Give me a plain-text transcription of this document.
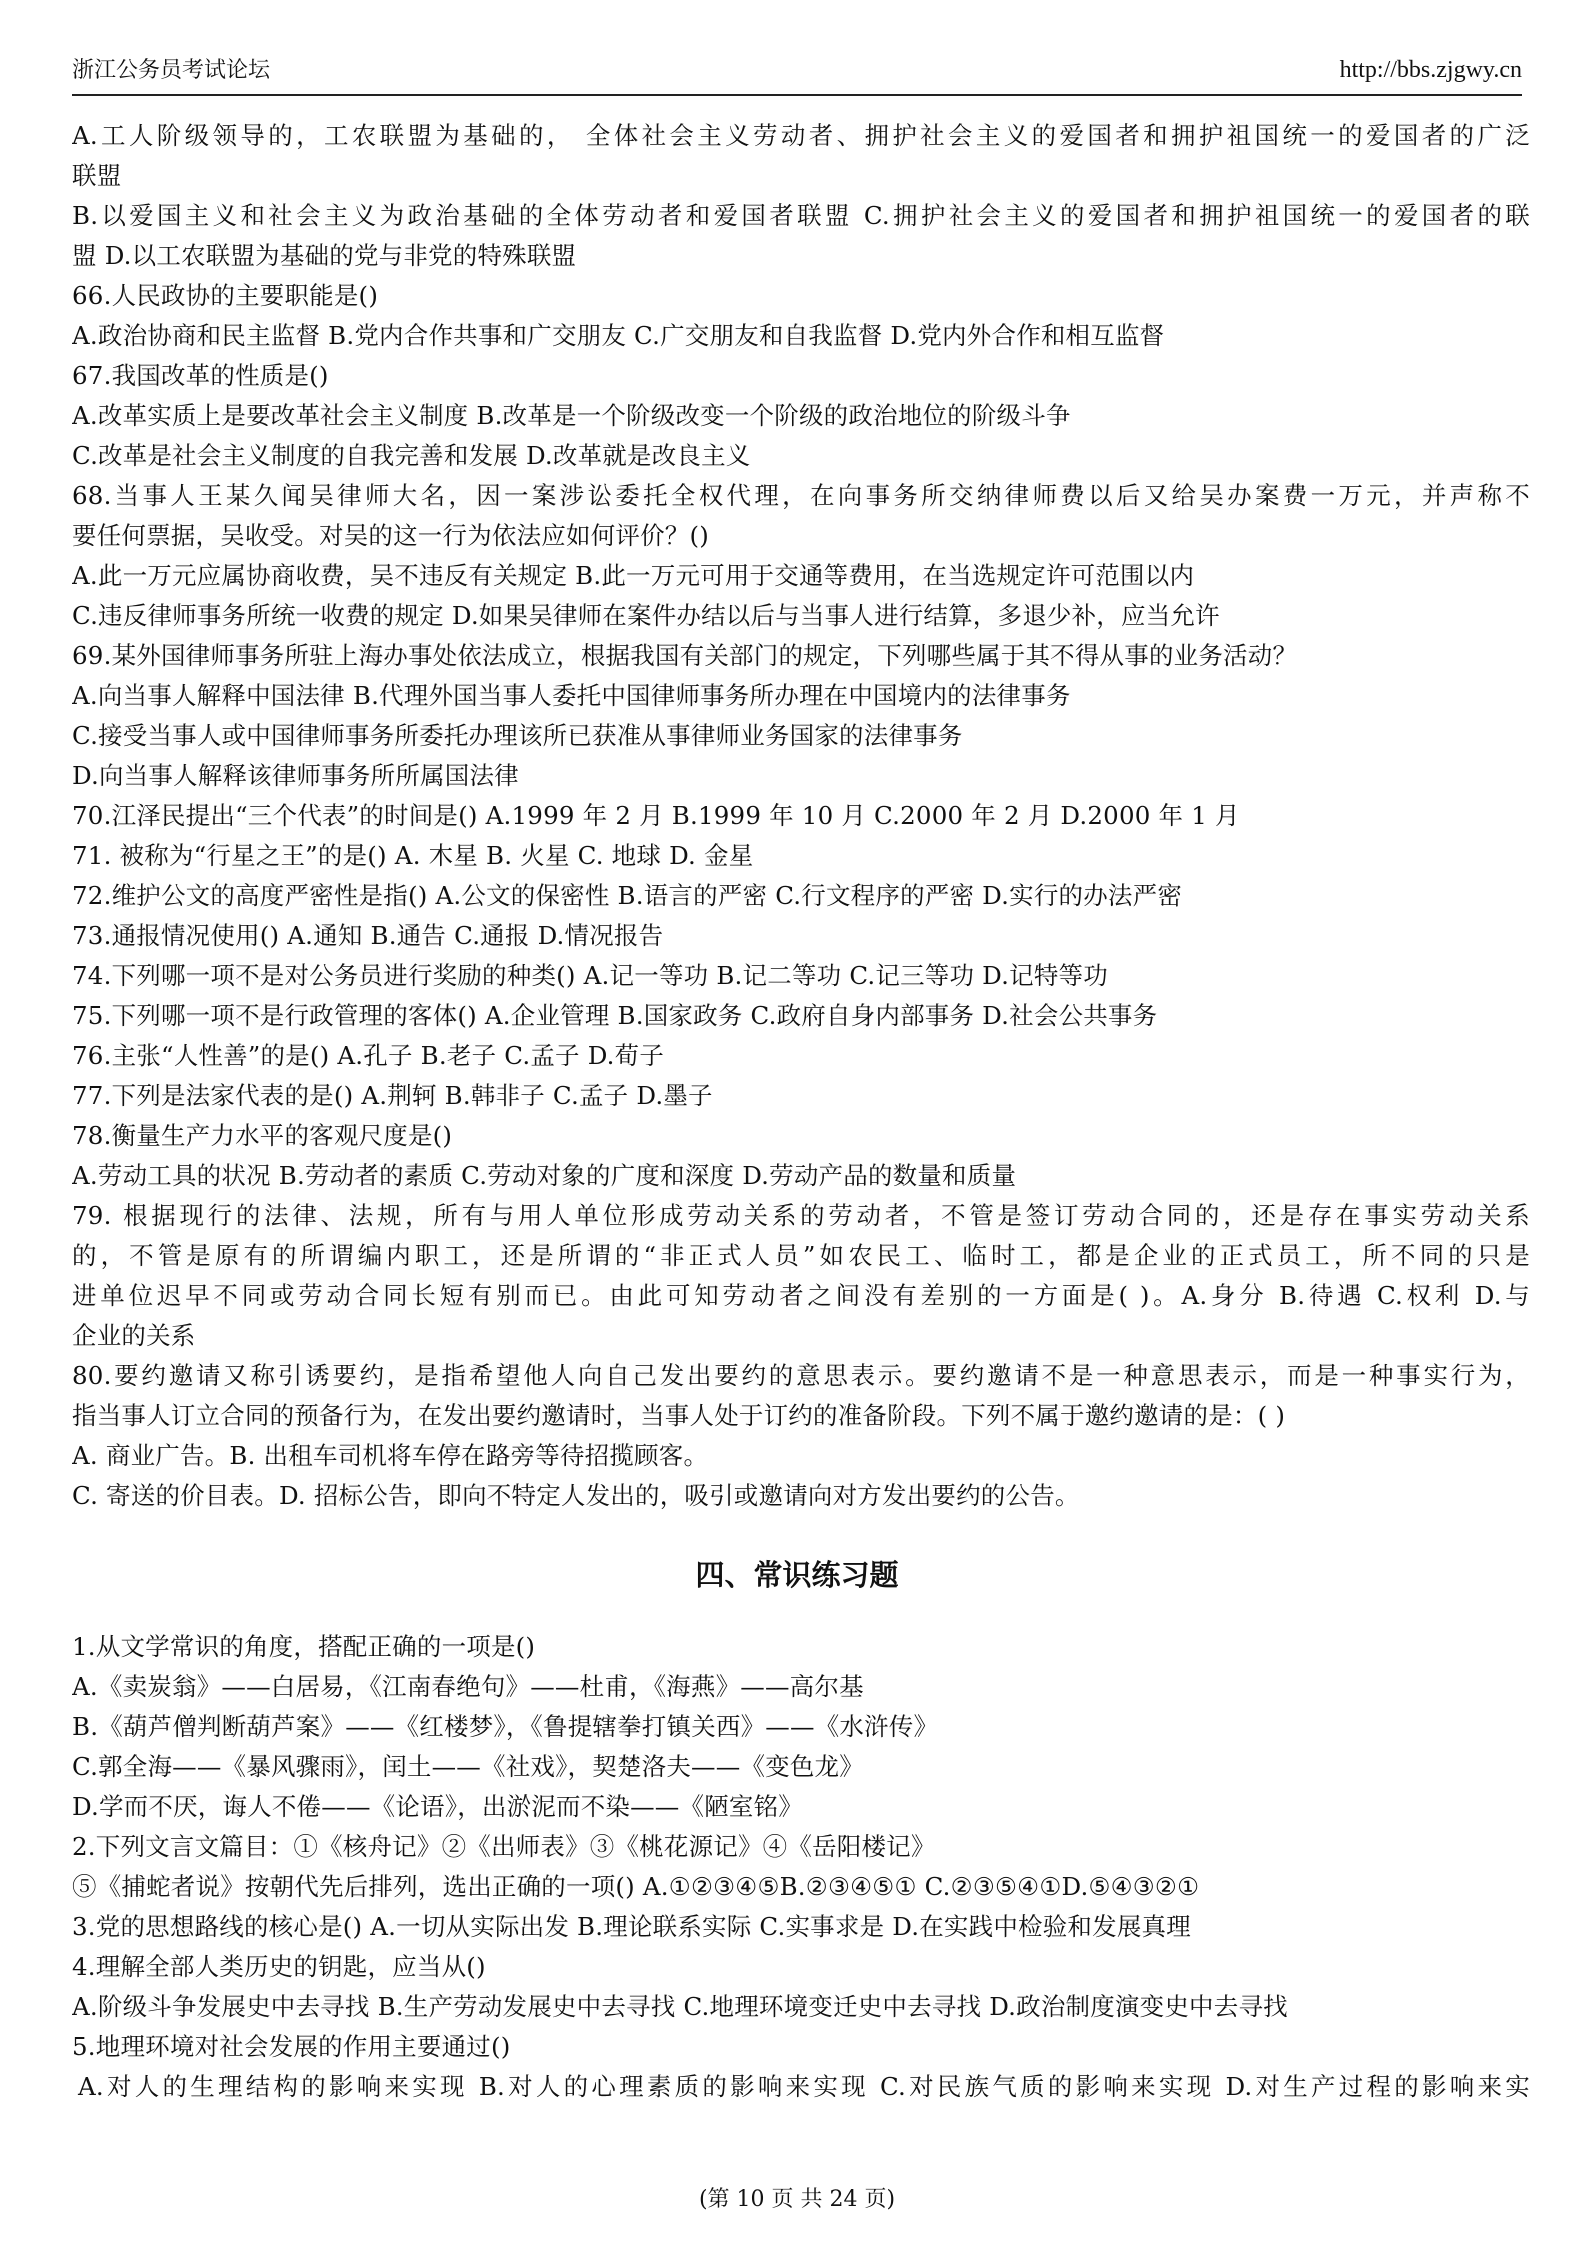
浙江公务员考试论坛	http://bbs.zjgwy.cn
A.工人阶级领导的，工农联盟为基础的， 全体社会主义劳动者、拥护社会主义的爱国者和拥护祖国统一的爱国者的广泛
联盟
B.以爱国主义和社会主义为政治基础的全体劳动者和爱国者联盟 C.拥护社会主义的爱国者和拥护祖国统一的爱国者的联
盟 D.以工农联盟为基础的党与非党的特殊联盟
66.人民政协的主要职能是()
A.政治协商和民主监督 B.党内合作共事和广交朋友 C.广交朋友和自我监督 D.党内外合作和相互监督
67.我国改革的性质是()
A.改革实质上是要改革社会主义制度 B.改革是一个阶级改变一个阶级的政治地位的阶级斗争
C.改革是社会主义制度的自我完善和发展 D.改革就是改良主义
68.当事人王某久闻吴律师大名，因一案涉讼委托全权代理，在向事务所交纳律师费以后又给吴办案费一万元，并声称不
要任何票据，吴收受。对吴的这一行为依法应如何评价？()
A.此一万元应属协商收费，吴不违反有关规定 B.此一万元可用于交通等费用，在当选规定许可范围以内
C.违反律师事务所统一收费的规定 D.如果吴律师在案件办结以后与当事人进行结算，多退少补，应当允许
69.某外国律师事务所驻上海办事处依法成立，根据我国有关部门的规定，下列哪些属于其不得从事的业务活动？
A.向当事人解释中国法律 B.代理外国当事人委托中国律师事务所办理在中国境内的法律事务
C.接受当事人或中国律师事务所委托办理该所已获准从事律师业务国家的法律事务
D.向当事人解释该律师事务所所属国法律
70.江泽民提出“三个代表”的时间是() A.1999 年 2 月 B.1999 年 10 月 C.2000 年 2 月 D.2000 年 1 月
71. 被称为“行星之王”的是() A. 木星 B. 火星 C. 地球 D. 金星
72.维护公文的高度严密性是指() A.公文的保密性 B.语言的严密 C.行文程序的严密 D.实行的办法严密
73.通报情况使用() A.通知 B.通告 C.通报 D.情况报告
74.下列哪一项不是对公务员进行奖励的种类() A.记一等功 B.记二等功 C.记三等功 D.记特等功
75.下列哪一项不是行政管理的客体() A.企业管理 B.国家政务 C.政府自身内部事务 D.社会公共事务
76.主张“人性善”的是() A.孔子 B.老子 C.孟子 D.荀子
77.下列是法家代表的是() A.荆轲 B.韩非子 C.孟子 D.墨子
78.衡量生产力水平的客观尺度是()
A.劳动工具的状况 B.劳动者的素质 C.劳动对象的广度和深度 D.劳动产品的数量和质量
79. 根据现行的法律、法规，所有与用人单位形成劳动关系的劳动者，不管是签订劳动合同的，还是存在事实劳动关系
的，不管是原有的所谓编内职工，还是所谓的“非正式人员”如农民工、临时工，都是企业的正式员工，所不同的只是
进单位迟早不同或劳动合同长短有别而已。由此可知劳动者之间没有差别的一方面是( )。A.身分 B.待遇 C.权利 D.与
企业的关系
80.要约邀请又称引诱要约，是指希望他人向自己发出要约的意思表示。要约邀请不是一种意思表示，而是一种事实行为，
指当事人订立合同的预备行为，在发出要约邀请时，当事人处于订约的准备阶段。下列不属于邀约邀请的是：( )
A. 商业广告。B. 出租车司机将车停在路旁等待招揽顾客。
C. 寄送的价目表。D. 招标公告，即向不特定人发出的，吸引或邀请向对方发出要约的公告。
四、常识练习题
1.从文学常识的角度，搭配正确的一项是()
A.《卖炭翁》——白居易，《江南春绝句》——杜甫，《海燕》——高尔基
B.《葫芦僧判断葫芦案》——《红楼梦》，《鲁提辖拳打镇关西》——《水浒传》
C.郭全海——《暴风骤雨》，闰土——《社戏》，契楚洛夫——《变色龙》
D.学而不厌，诲人不倦——《论语》，出淤泥而不染——《陋室铭》
2.下列文言文篇目：①《核舟记》②《出师表》③《桃花源记》④《岳阳楼记》
⑤《捕蛇者说》按朝代先后排列，选出正确的一项() A.①②③④⑤B.②③④⑤① C.②③⑤④①D.⑤④③②①
3.党的思想路线的核心是() A.一切从实际出发 B.理论联系实际 C.实事求是 D.在实践中检验和发展真理
4.理解全部人类历史的钥匙，应当从()
A.阶级斗争发展史中去寻找 B.生产劳动发展史中去寻找 C.地理环境变迁史中去寻找 D.政治制度演变史中去寻找
5.地理环境对社会发展的作用主要通过()
A.对人的生理结构的影响来实现 B.对人的心理素质的影响来实现 C.对民族气质的影响来实现 D.对生产过程的影响来实
(第 10 页 共 24 页)
